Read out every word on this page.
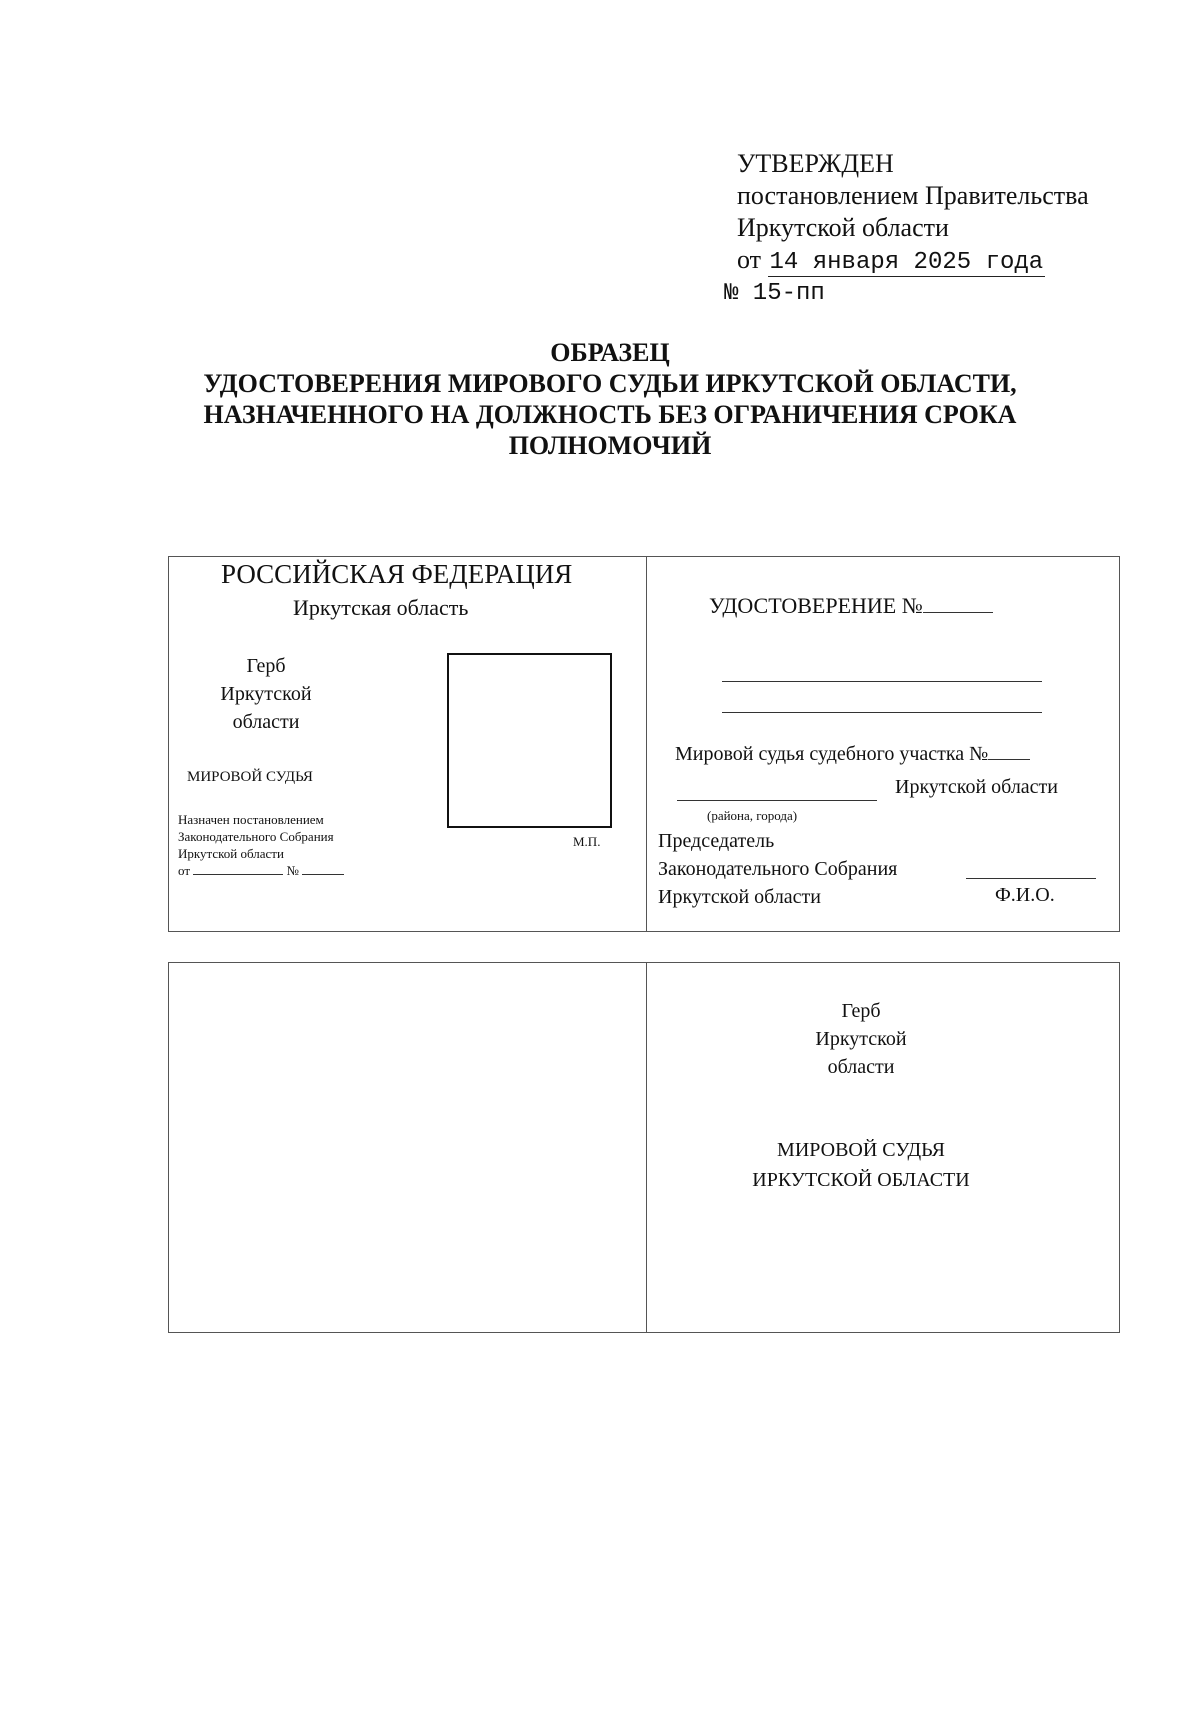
УТВЕРЖДЕН
постановлением Правительства
Иркутской области
от 14 января 2025 года
№ 15-пп
ОБРАЗЕЦ
УДОСТОВЕРЕНИЯ МИРОВОГО СУДЬИ ИРКУТСКОЙ ОБЛАСТИ,
НАЗНАЧЕННОГО НА ДОЛЖНОСТЬ БЕЗ ОГРАНИЧЕНИЯ СРОКА
ПОЛНОМОЧИЙ
РОССИЙСКАЯ ФЕДЕРАЦИЯ
Иркутская область
Герб
Иркутской
области
МИРОВОЙ СУДЬЯ
Назначен постановлением
Законодательного Собрания
Иркутской области
от	№
М.П.
УДОСТОВЕРЕНИЕ №
Мировой судья судебного участка №
Иркутской области
(района, города)
Председатель
Законодательного Собрания
Иркутской области	Ф.И.О.
Герб
Иркутской
области
МИРОВОЙ СУДЬЯ
ИРКУТСКОЙ ОБЛАСТИ
